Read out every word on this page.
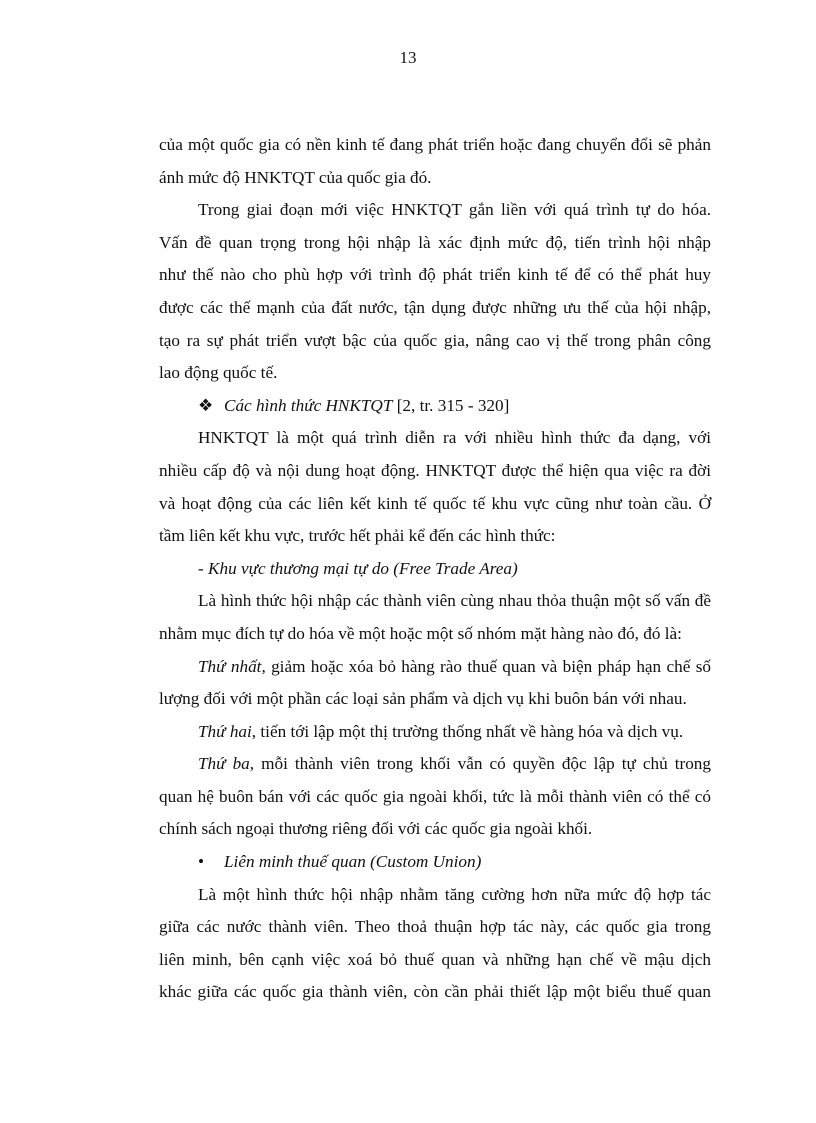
13

của một quốc gia có nền kinh tế đang phát triển hoặc đang chuyển đổi sẽ phản
ánh mức độ HNKTQT của quốc gia đó.

Trong giai đoạn mới việc HNKTQT gắn liền với quá trình tự do hóa.
Vấn đề quan trọng trong hội nhập là xác định mức độ, tiến trình hội nhập
như thế nào cho phù hợp với trình độ phát triển kinh tế để có thể phát huy
được các thế mạnh của đất nước, tận dụng được những ưu thế của hội nhập,
tạo ra sự phát triển vượt bậc của quốc gia, nâng cao vị thế trong phân công
lao động quốc tế.

❖ Các hình thức HNKTQT [2, tr. 315 - 320]

HNKTQT là một quá trình diễn ra với nhiều hình thức đa dạng, với
nhiều cấp độ và nội dung hoạt động. HNKTQT được thể hiện qua việc ra đời
và hoạt động của các liên kết kinh tế quốc tế khu vực cũng như toàn cầu. Ở
tầm liên kết khu vực, trước hết phải kể đến các hình thức:

- Khu vực thương mại tự do (Free Trade Area)

Là hình thức hội nhập các thành viên cùng nhau thỏa thuận một số vấn đề
nhằm mục đích tự do hóa về một hoặc một số nhóm mặt hàng nào đó, đó là:

Thứ nhất, giảm hoặc xóa bỏ hàng rào thuế quan và biện pháp hạn chế số
lượng đối với một phần các loại sản phẩm và dịch vụ khi buôn bán với nhau.

Thứ hai, tiến tới lập một thị trường thống nhất về hàng hóa và dịch vụ.

Thứ ba, mỗi thành viên trong khối vẫn có quyền độc lập tự chủ trong
quan hệ buôn bán với các quốc gia ngoài khối, tức là mỗi thành viên có thể có
chính sách ngoại thương riêng đối với các quốc gia ngoài khối.

• Liên minh thuế quan (Custom Union)

Là một hình thức hội nhập nhằm tăng cường hơn nữa mức độ hợp tác
giữa các nước thành viên. Theo thoả thuận hợp tác này, các quốc gia trong
liên minh, bên cạnh việc xoá bỏ thuế quan và những hạn chế về mậu dịch
khác giữa các quốc gia thành viên, còn cần phải thiết lập một biểu thuế quan
